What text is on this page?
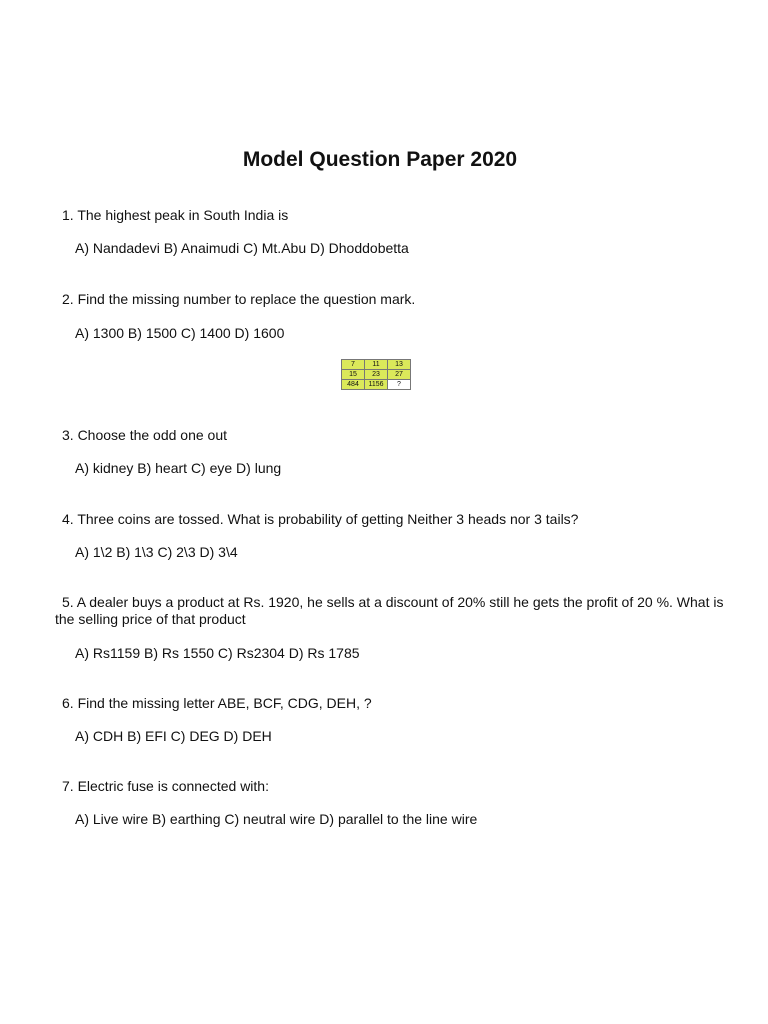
Model Question Paper 2020

1. The highest peak in South India is

A) Nandadevi B) Anaimudi C) Mt.Abu D) Dhoddobetta

2. Find the missing number to replace the question mark.

A) 1300 B) 1500 C) 1400 D) 1600

7	11	13
15	23	27
484	1156	?

3. Choose the odd one out

A) kidney B) heart C) eye D) lung

4. Three coins are tossed. What is probability of getting Neither 3 heads nor 3 tails?

A) 1\2 B) 1\3 C) 2\3 D) 3\4

5. A dealer buys a product at Rs. 1920, he sells at a discount of 20% still he gets the profit of 20 %. What is the selling price of that product

A) Rs1159 B) Rs 1550 C) Rs2304 D) Rs 1785

6. Find the missing letter ABE, BCF, CDG, DEH, ?

A) CDH B) EFI C) DEG D) DEH

7. Electric fuse is connected with:

A) Live wire B) earthing C) neutral wire D) parallel to the line wire
